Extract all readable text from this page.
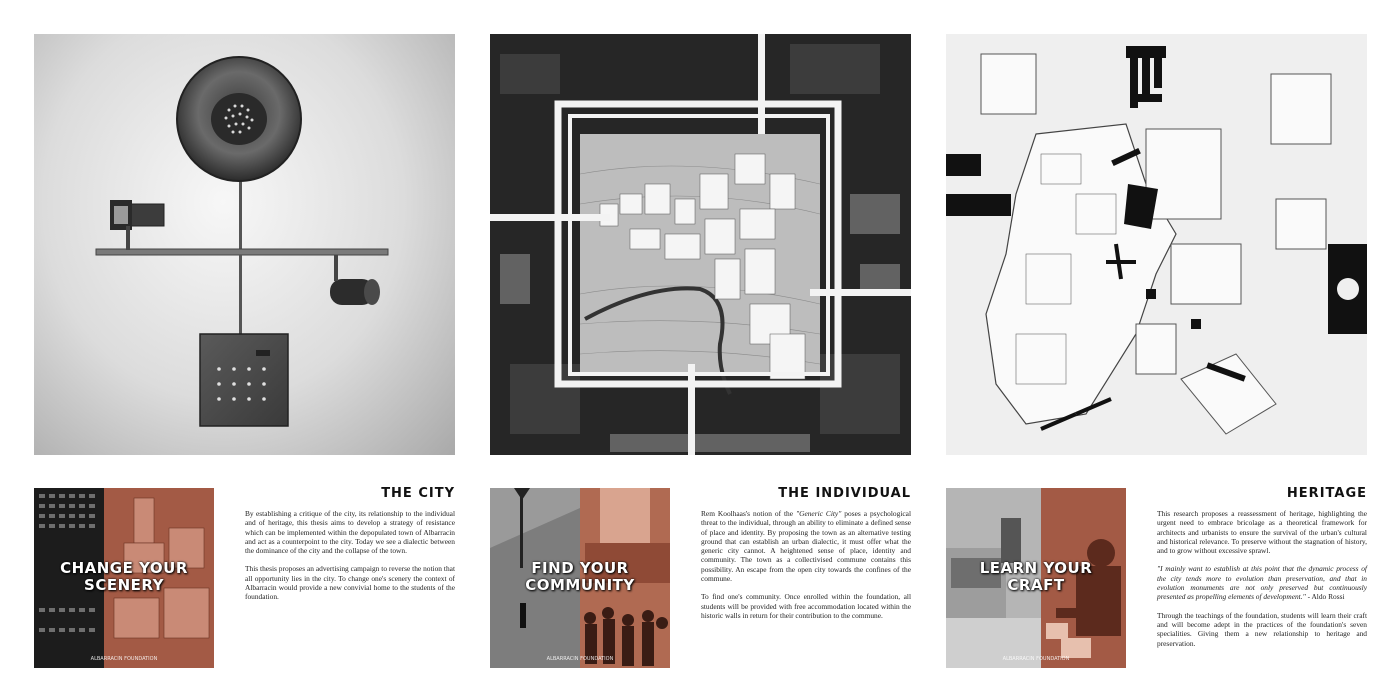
CHANGE YOUR
SCENERY
ALBARRACIN FOUNDATION
FIND YOUR
COMMUNITY
ALBARRACIN FOUNDATION
LEARN YOUR
CRAFT
ALBARRACIN FOUNDATION
THE CITY

By establishing a critique of the city, its relationship to the individual and of heritage, this thesis aims to develop a strategy of resistance which can be implemented within the depopulated town of Albarracin and act as a counterpoint to the city. Today we see a dialectic between the dominance of the city and the collapse of the town.

This thesis proposes an advertising campaign to reverse the notion that all opportunity lies in the city. To change one's scenery the context of Albarracin would provide a new convivial home to the students of the foundation.

THE INDIVIDUAL

Rem Koolhaas's notion of the "Generic City" poses a psychological threat to the individual, through an ability to eliminate a defined sense of place and identity. By proposing the town as an alternative testing ground that can establish an urban dialectic, it must offer what the generic city cannot. A heightened sense of place, identity and community. The town as a collectivised commune contains this possibility. An escape from the open city towards the confines of the commune.

To find one's community. Once enrolled within the foundation, all students will be provided with free accommodation located within the historic walls in return for their contribution to the commune.

HERITAGE

This research proposes a reassessment of heritage, highlighting the urgent need to embrace bricolage as a theoretical framework for architects and urbanists to ensure the survival of the urban's cultural and historical relevance. To preserve without the stagnation of history, and to grow without excessive sprawl.

"I mainly want to establish at this point that the dynamic process of the city tends more to evolution than preservation, and that in evolution monuments are not only preserved but continuously presented as propelling elements of development." - Aldo Rossi

Through the teachings of the foundation, students will learn their craft and will become adept in the practices of the foundation's seven specialities. Giving them a new relationship to heritage and preservation.
